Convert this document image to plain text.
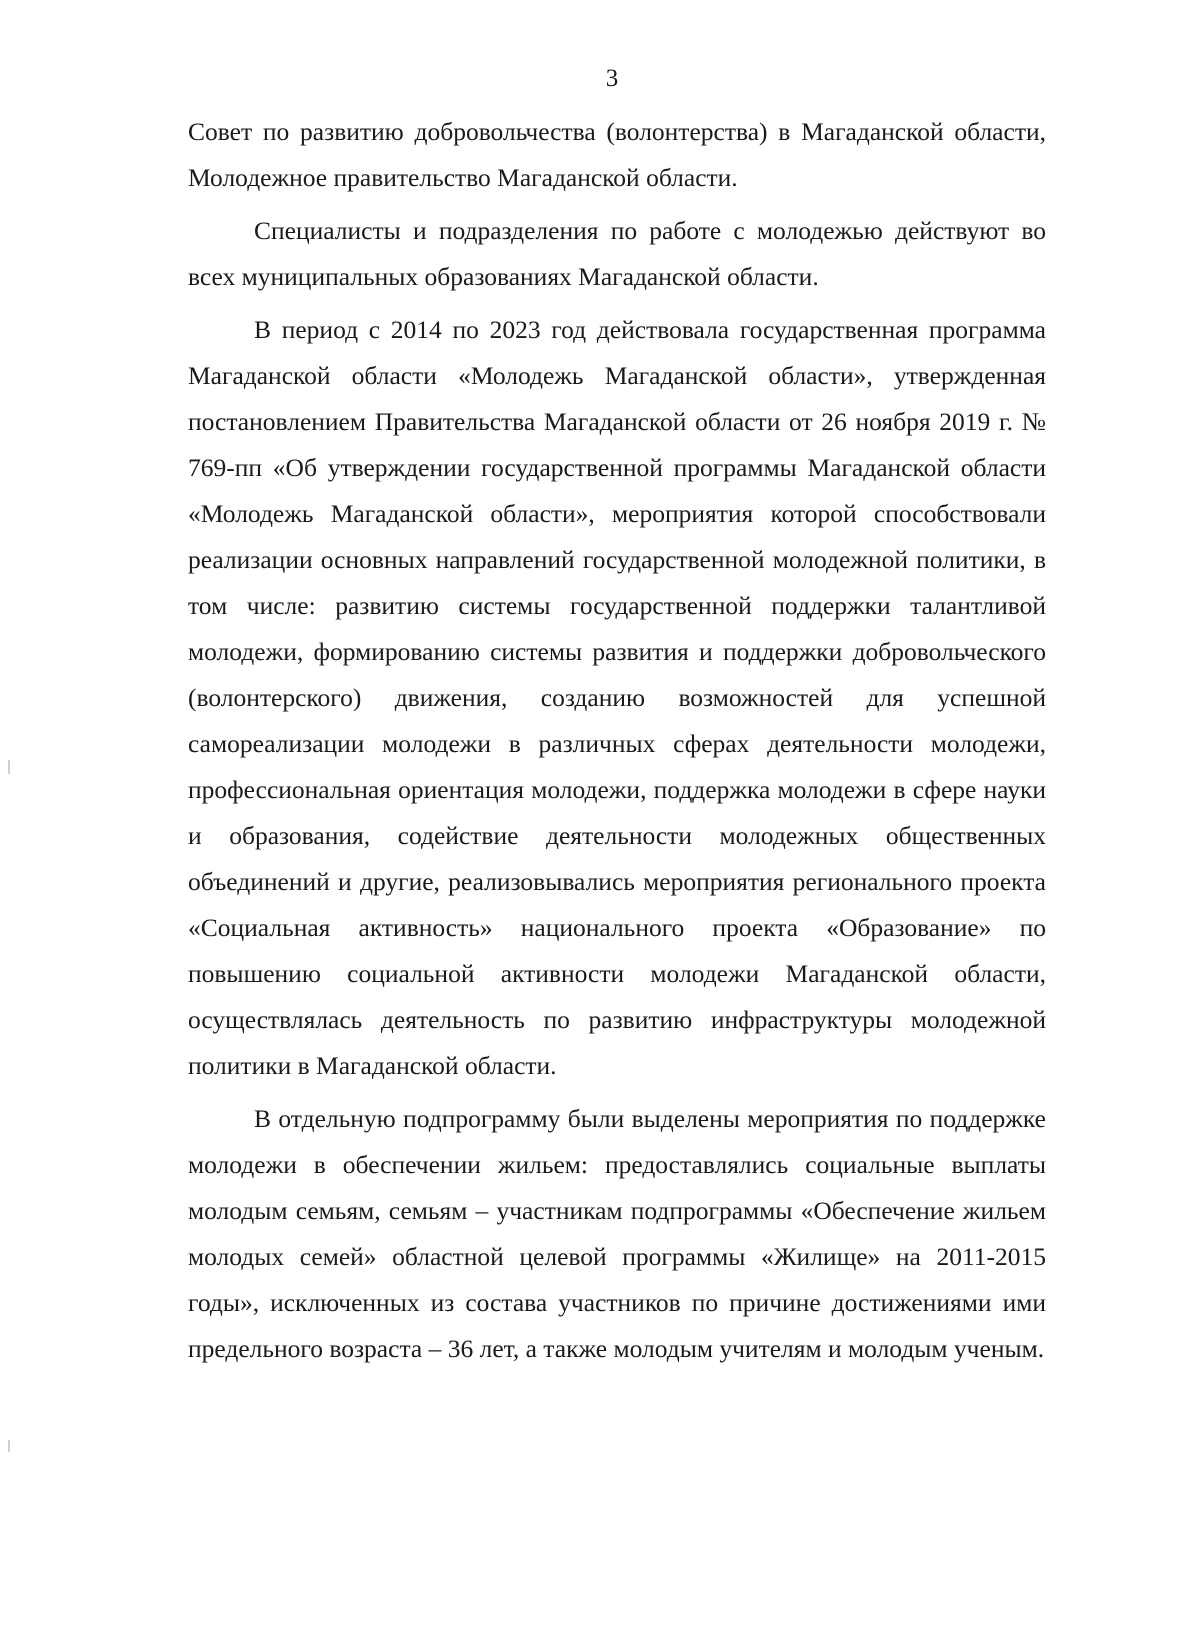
3

Совет по развитию добровольчества (волонтерства) в Магаданской области, Молодежное правительство Магаданской области.

Специалисты и подразделения по работе с молодежью действуют во всех муниципальных образованиях Магаданской области.

В период с 2014 по 2023 год действовала государственная программа Магаданской области «Молодежь Магаданской области», утвержденная постановлением Правительства Магаданской области от 26 ноября 2019 г. № 769-пп «Об утверждении государственной программы Магаданской области «Молодежь Магаданской области», мероприятия которой способствовали реализации основных направлений государственной молодежной политики, в том числе: развитию системы государственной поддержки талантливой молодежи, формированию системы развития и поддержки добровольческого (волонтерского) движения, созданию возможностей для успешной самореализации молодежи в различных сферах деятельности молодежи, профессиональная ориентация молодежи, поддержка молодежи в сфере науки и образования, содействие деятельности молодежных общественных объединений и другие, реализовывались мероприятия регионального проекта «Социальная активность» национального проекта «Образование» по повышению социальной активности молодежи Магаданской области, осуществлялась деятельность по развитию инфраструктуры молодежной политики в Магаданской области.

В отдельную подпрограмму были выделены мероприятия по поддержке молодежи в обеспечении жильем: предоставлялись социальные выплаты молодым семьям, семьям – участникам подпрограммы «Обеспечение жильем молодых семей» областной целевой программы «Жилище» на 2011-2015 годы», исключенных из состава участников по причине достижениями ими предельного возраста – 36 лет, а также молодым учителям и молодым ученым.
